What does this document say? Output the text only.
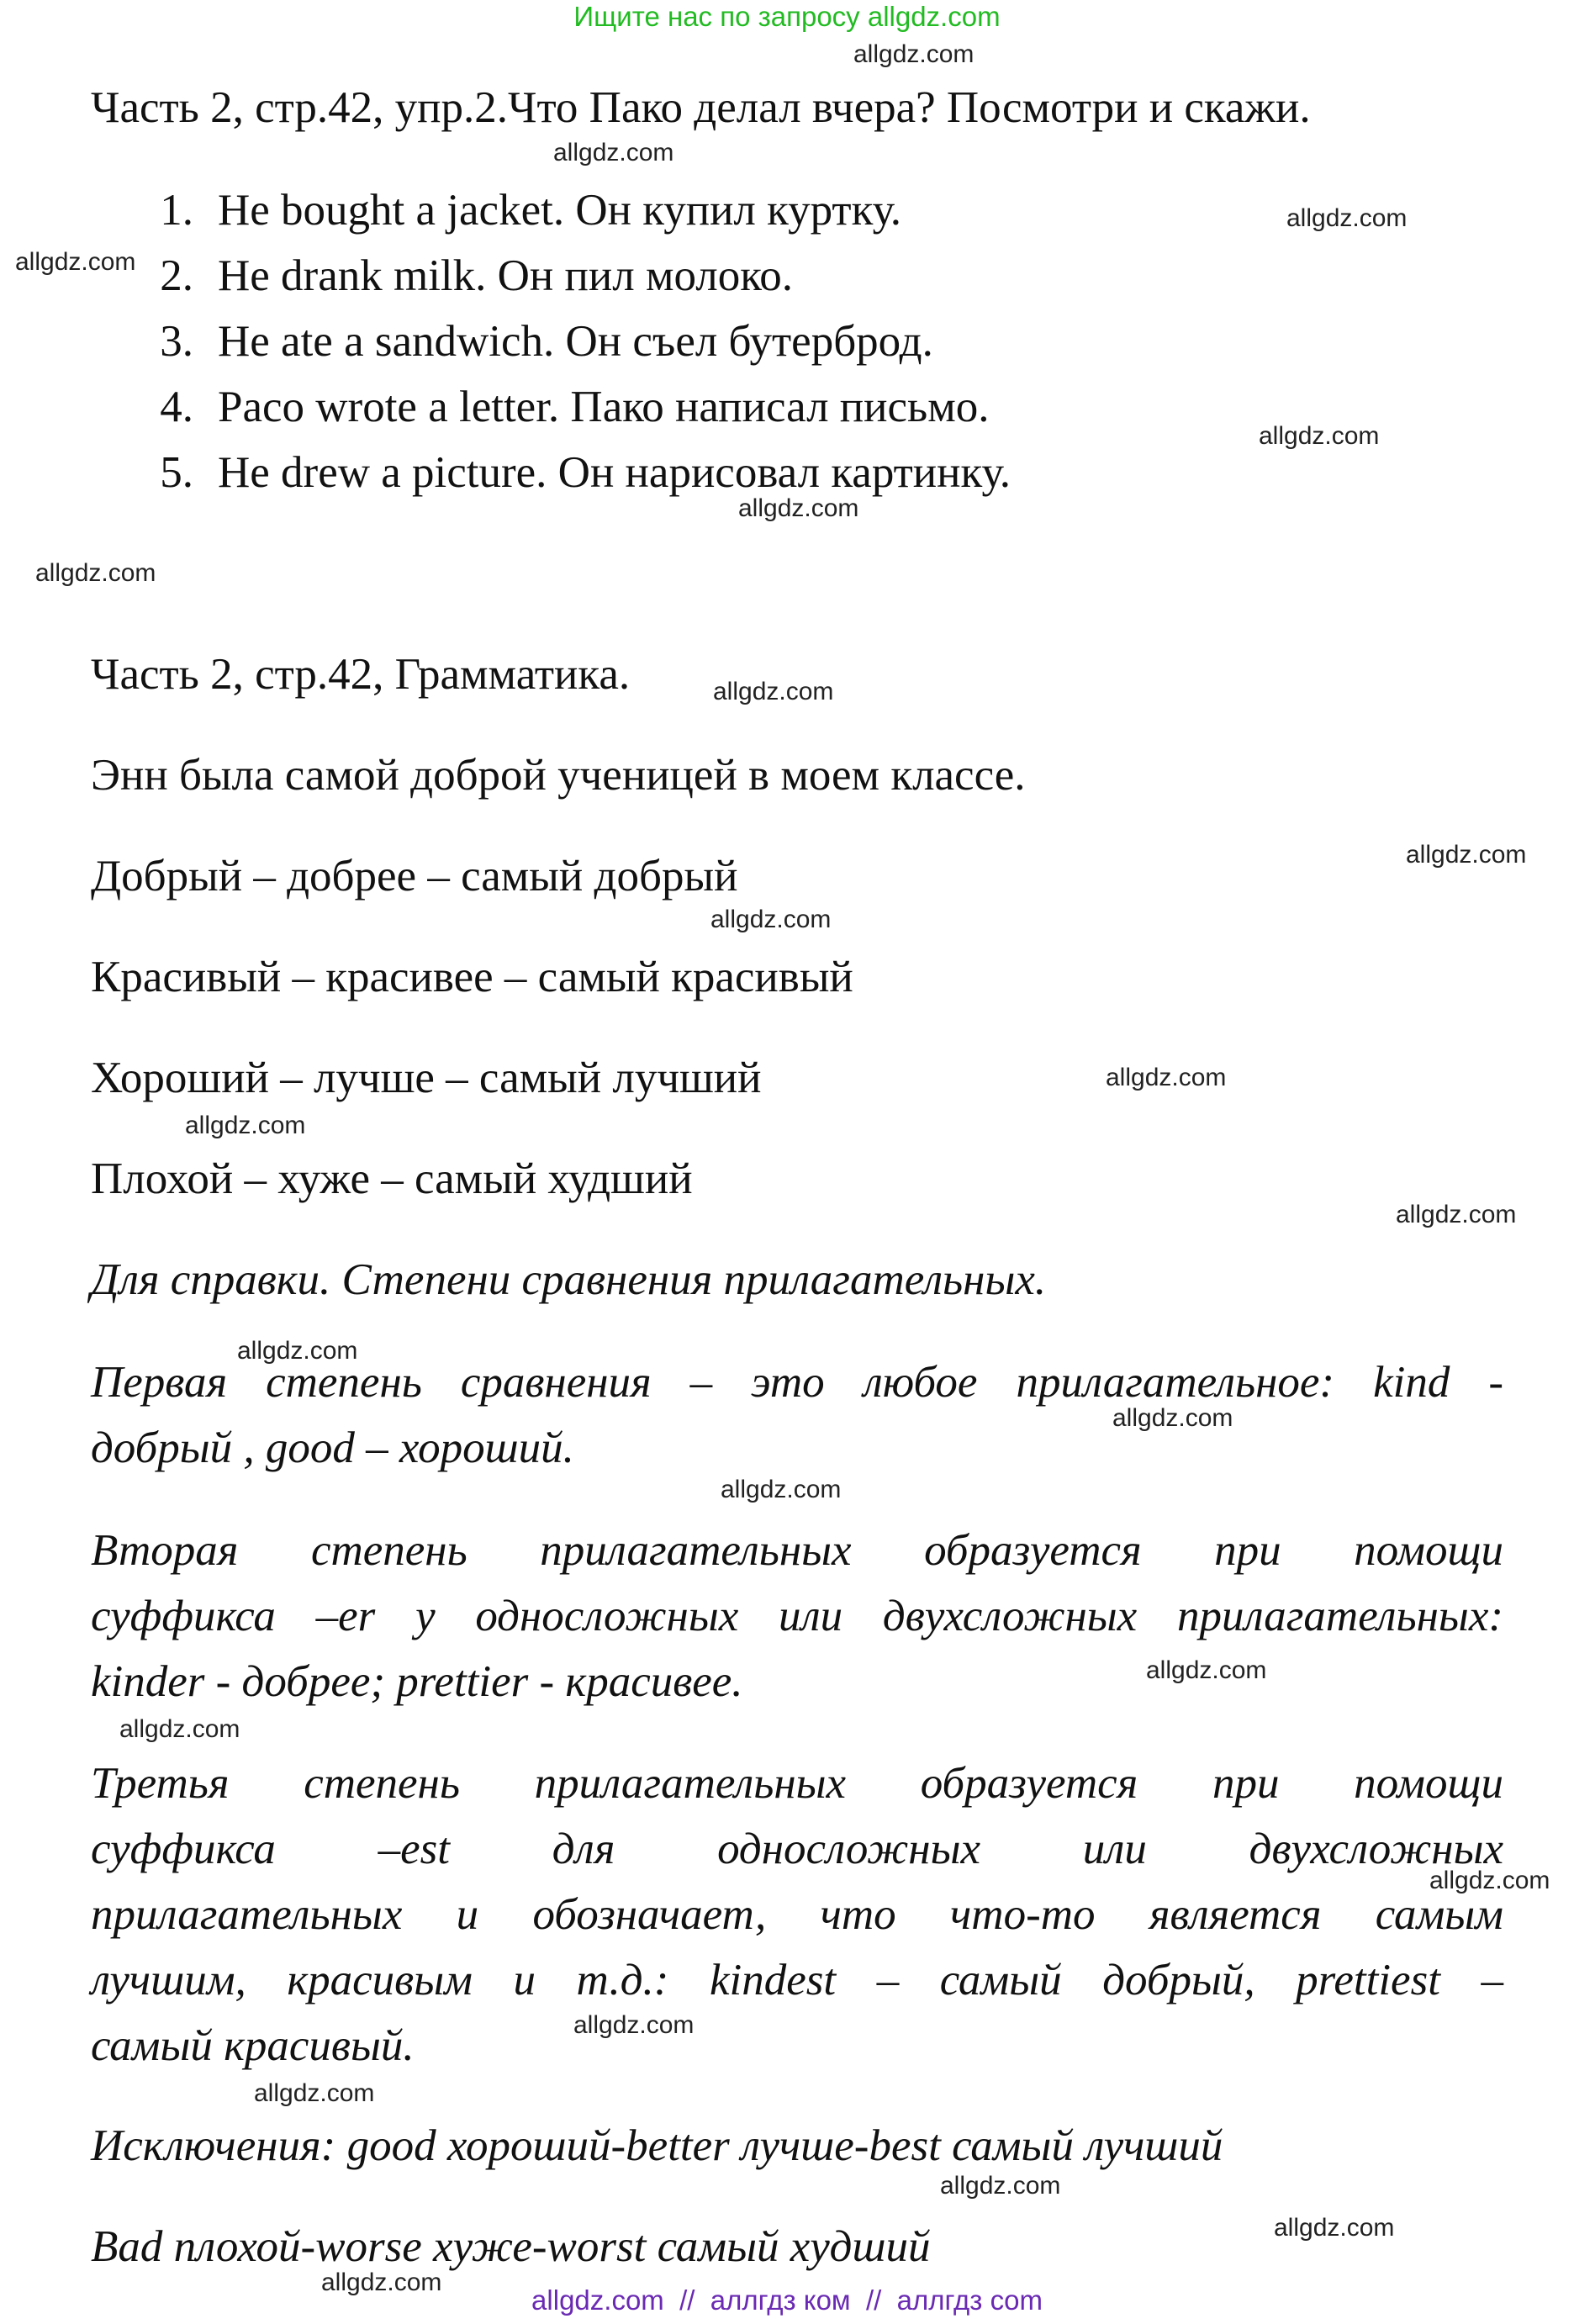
Ищите нас по запросу allgdz.com
Часть 2, стр.42, упр.2.Что Пако делал вчера? Посмотри и скажи.
1. He bought a jacket. Он купил куртку.
2. He drank milk. Он пил молоко.
3. He ate a sandwich. Он съел бутерброд.
4. Paco wrote a letter. Пако написал письмо.
5. He drew a picture. Он нарисовал картинку.
Часть 2, стр.42, Грамматика.
Энн была самой доброй ученицей в моем классе.
Добрый – добрее – самый добрый
Красивый – красивее – самый красивый
Хороший – лучше – самый лучший
Плохой – хуже – самый худший
Для справки. Степени сравнения прилагательных.
Первая степень сравнения – это любое прилагательное: kind -
добрый , good – хороший.
Вторая степень прилагательных образуется при помощи
суффикса –er у односложных или двухсложных прилагательных:
kinder - добрее; prettier - красивее.
Третья степень прилагательных образуется при помощи
суффикса –est для односложных или двухсложных
прилагательных и обозначает, что что-то является самым
лучшим, красивым и т.д.: kindest – самый добрый, prettiest –
самый красивый.
Исключения: good хороший-better лучше-best самый лучший
Bad плохой-worse хуже-worst самый худший
allgdz.com
allgdz.com
allgdz.com
allgdz.com
allgdz.com
allgdz.com
allgdz.com
allgdz.com
allgdz.com
allgdz.com
allgdz.com
allgdz.com
allgdz.com
allgdz.com
allgdz.com
allgdz.com
allgdz.com
allgdz.com
allgdz.com
allgdz.com
allgdz.com
allgdz.com
allgdz.com
allgdz.com
allgdz.com  //  аллгдз ком  //  аллгдз com
